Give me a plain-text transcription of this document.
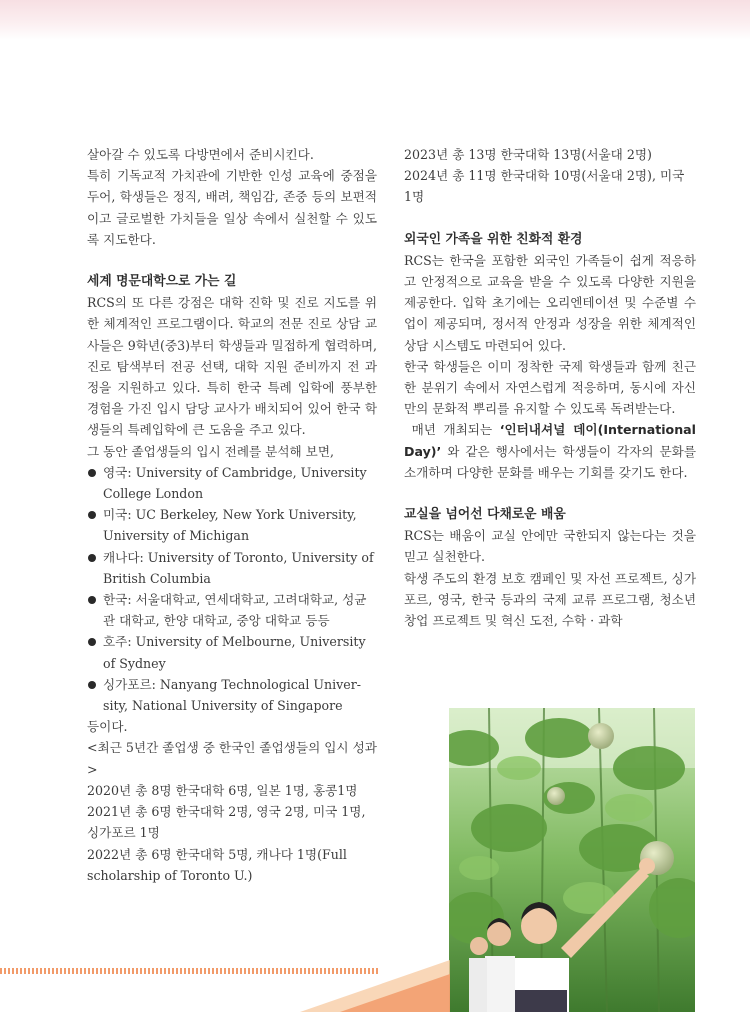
살아갈 수 있도록 다방면에서 준비시킨다.

특히 기독교적 가치관에 기반한 인성 교육에 중점을 두어, 학생들은 정직, 배려, 책임감, 존중 등의 보편적이고 글로벌한 가치들을 일상 속에서 실천할 수 있도록 지도한다.

세계 명문대학으로 가는 길

RCS의 또 다른 강점은 대학 진학 및 진로 지도를 위한 체계적인 프로그램이다. 학교의 전문 진로 상담 교사들은 9학년(중3)부터 학생들과 밀접하게 협력하며, 진로 탐색부터 전공 선택, 대학 지원 준비까지 전 과정을 지원하고 있다. 특히 한국 특례 입학에 풍부한 경험을 가진 입시 담당 교사가 배치되어 있어 한국 학생들의 특례입학에 큰 도움을 주고 있다.

그 동안 졸업생들의 입시 전례를 분석해 보면,

영국: University of Cambridge, University College London

미국: UC Berkeley, New York University, University of Michigan

캐나다: University of Toronto, University of British Columbia

한국: 서울대학교, 연세대학교, 고려대학교, 성균관 대학교, 한양 대학교, 중앙 대학교 등등

호주: University of Melbourne, University of Sydney

싱가포르: Nanyang Technological Univer-sity, National University of Singapore

등이다.

<최근 5년간 졸업생 중 한국인 졸업생들의 입시 성과>

2020년 총 8명 한국대학 6명, 일본 1명, 홍콩1명

2021년 총 6명 한국대학 2명, 영국 2명, 미국 1명, 싱가포르 1명

2022년 총 6명 한국대학 5명, 캐나다 1명(Full scholarship of Toronto U.)

2023년 총 13명 한국대학 13명(서울대 2명)

2024년 총 11명 한국대학 10명(서울대 2명), 미국 1명

외국인 가족을 위한 친화적 환경

RCS는 한국을 포함한 외국인 가족들이 쉽게 적응하고 안정적으로 교육을 받을 수 있도록 다양한 지원을 제공한다. 입학 초기에는 오리엔테이션 및 수준별 수업이 제공되며, 정서적 안정과 성장을 위한 체계적인 상담 시스템도 마련되어 있다.

한국 학생들은 이미 정착한 국제 학생들과 함께 친근한 분위기 속에서 자연스럽게 적응하며, 동시에 자신만의 문화적 뿌리를 유지할 수 있도록 독려받는다.

매년 개최되는 ‘인터내셔널 데이(International Day)’ 와 같은 행사에서는 학생들이 각자의 문화를 소개하며 다양한 문화를 배우는 기회를 갖기도 한다.

교실을 넘어선 다채로운 배움

RCS는 배움이 교실 안에만 국한되지 않는다는 것을 믿고 실천한다.

학생 주도의 환경 보호 캠페인 및 자선 프로젝트, 싱가포르, 영국, 한국 등과의 국제 교류 프로그램, 청소년 창업 프로젝트 및 혁신 도전, 수학 · 과학
